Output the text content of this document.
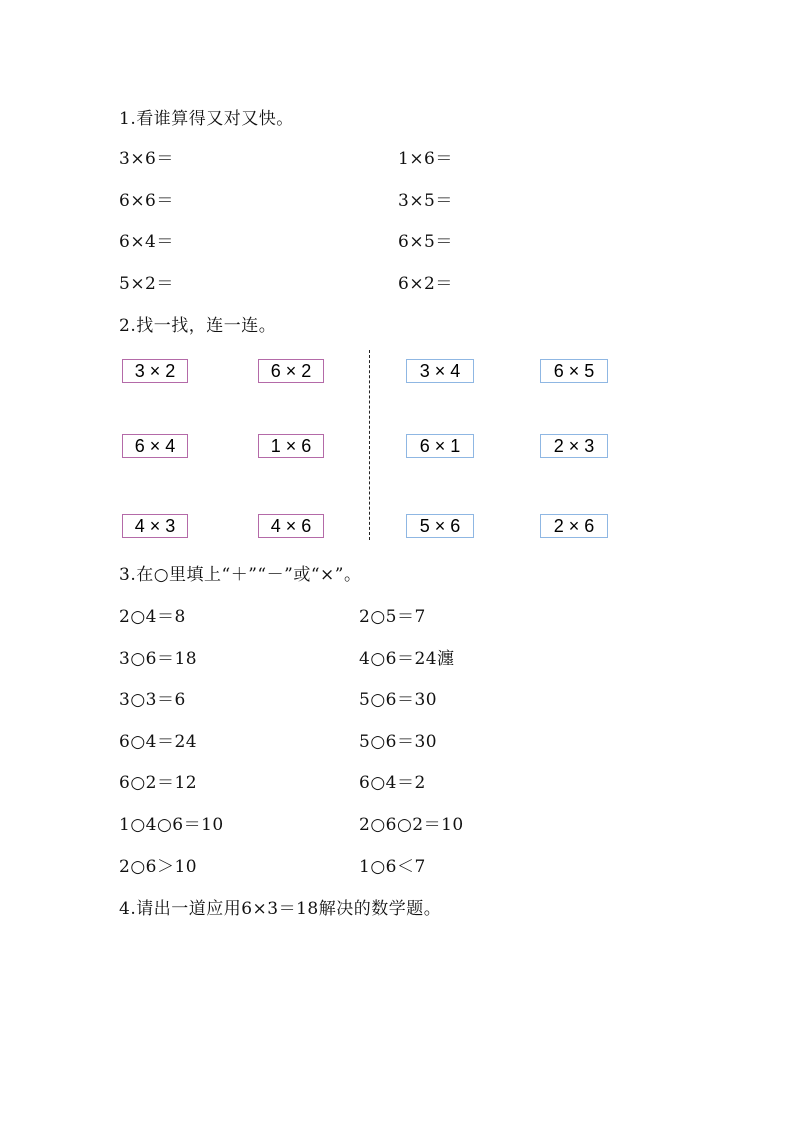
1.看谁算得又对又快。
3×6＝	1×6＝
6×6＝	3×5＝
6×4＝	6×5＝
5×2＝	6×2＝
2.找一找，连一连。
3 × 2	6 × 2
6 × 4	1 × 6
4 × 3	4 × 6
3 × 4	6 × 5
6 × 1	2 × 3
5 × 6	2 × 6
3.在○里填上“＋”“－”或“×”。
2○4＝8	2○5＝7
3○6＝18	4○6＝24瀍
3○3＝6	5○6＝30
6○4＝24	5○6＝30
6○2＝12	6○4＝2
1○4○6＝10	2○6○2＝10
2○6＞10	1○6＜7
4.请出一道应用6×3＝18解决的数学题。
